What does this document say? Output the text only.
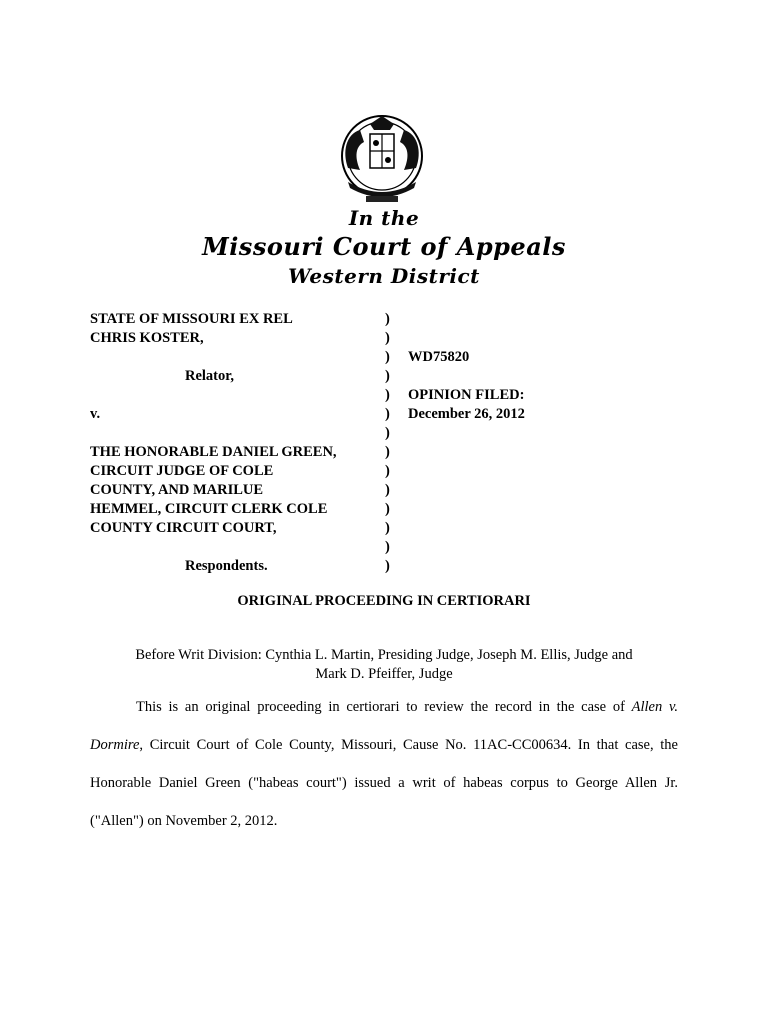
In the
Missouri Court of Appeals
Western District
STATE OF MISSOURI EX REL
CHRIS KOSTER,
Relator,
v.
THE HONORABLE DANIEL GREEN,
CIRCUIT JUDGE OF COLE
COUNTY, AND MARILUE
HEMMEL, CIRCUIT CLERK COLE
COUNTY CIRCUIT COURT,
Respondents.
)
)
)
)
)
)
)
)
)
)
)
)
)
)
WD75820
OPINION FILED:
December 26, 2012
ORIGINAL PROCEEDING IN CERTIORARI
Before Writ Division: Cynthia L. Martin, Presiding Judge, Joseph M. Ellis, Judge and
Mark D. Pfeiffer, Judge

This is an original proceeding in certiorari to review the record in the case of Allen v. Dormire, Circuit Court of Cole County, Missouri, Cause No. 11AC-CC00634. In that case, the Honorable Daniel Green ("habeas court") issued a writ of habeas corpus to George Allen Jr. ("Allen") on November 2, 2012.
